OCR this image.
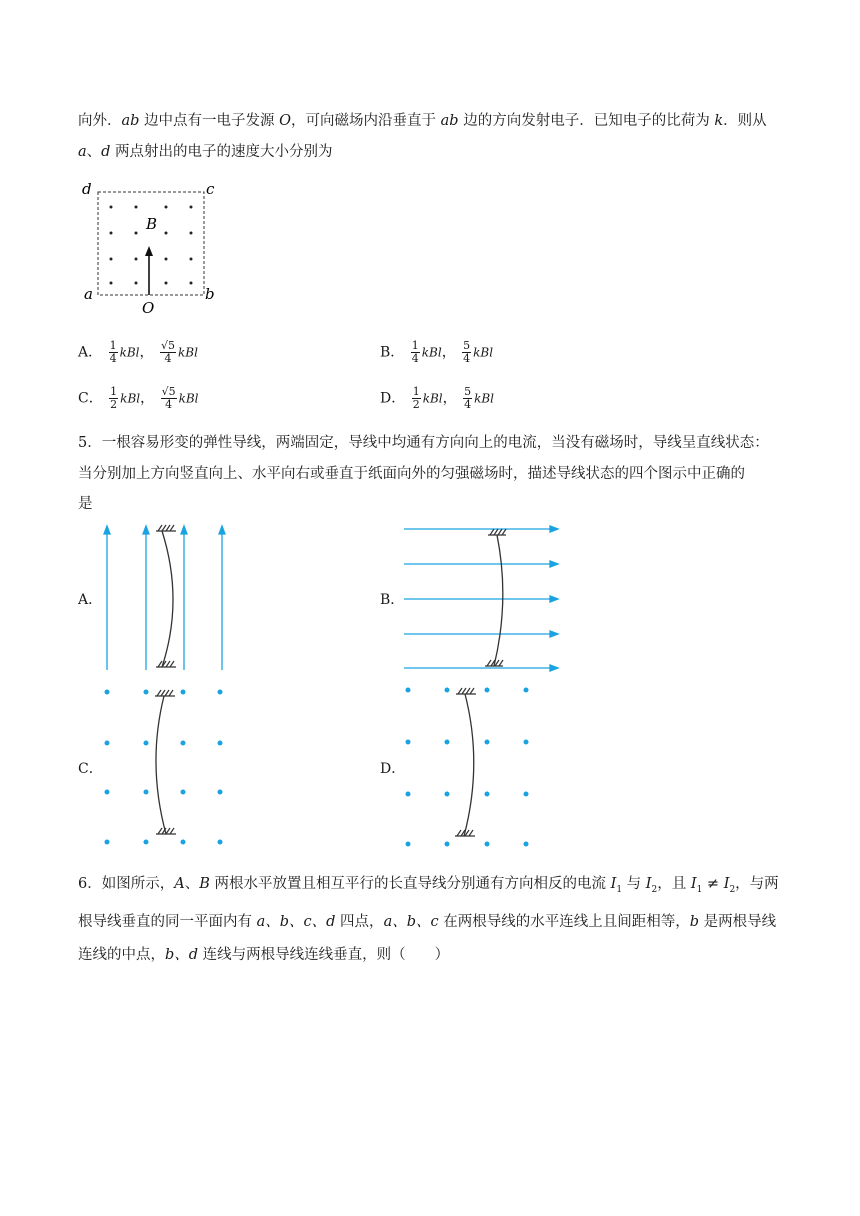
向外．ab 边中点有一电子发源 O，可向磁场内沿垂直于 ab 边的方向发射电子．已知电子的比荷为 k．则从
a、d 两点射出的电子的速度大小分别为
d	c
a	b
B
O
A． $\frac{1}{4}$ kBl， $\frac{√5}{4}$ kBl	B． $\frac{1}{4}$ kBl， $\frac{5}{4}$ kBl
C． $\frac{1}{2}$ kBl， $\frac{√5}{4}$ kBl	D． $\frac{1}{2}$ kBl， $\frac{5}{4}$ kBl
5．一根容易形变的弹性导线，两端固定，导线中均通有方向向上的电流，当没有磁场时，导线呈直线状态：
当分别加上方向竖直向上、水平向右或垂直于纸面向外的匀强磁场时，描述导线状态的四个图示中正确的
是
A．	B．
C．	D．
6．如图所示，A、B 两根水平放置且相互平行的长直导线分别通有方向相反的电流 $I_1$ 与 $I_2$，且 $I_1 \ne I_2$，与两
根导线垂直的同一平面内有 a、b、c、d 四点，a、b、c 在两根导线的水平连线上且间距相等，b 是两根导线
连线的中点，b、d 连线与两根导线连线垂直，则（　　）
